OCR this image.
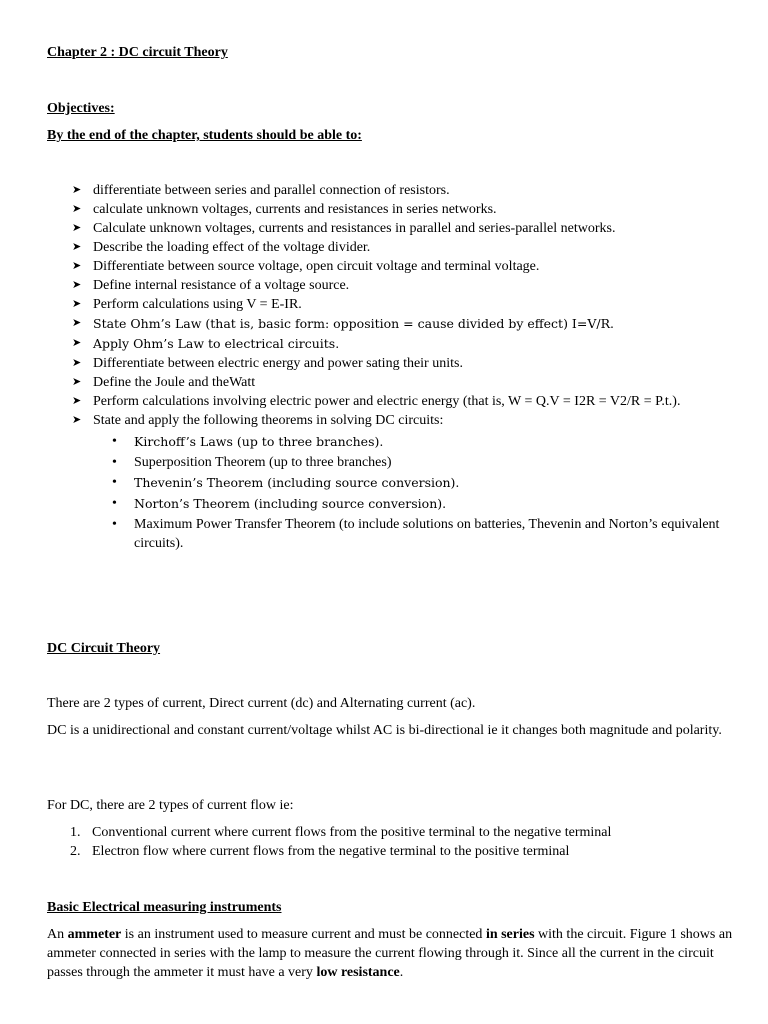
Chapter 2 : DC circuit Theory
Objectives:
By the end of the chapter, students should be able to:
➤ differentiate between series and parallel connection of resistors.
➤ calculate unknown voltages, currents and resistances in series networks.
➤ Calculate unknown voltages, currents and resistances in parallel and series-parallel networks.
➤ Describe the loading effect of the voltage divider.
➤ Differentiate between source voltage, open circuit voltage and terminal voltage.
➤ Define internal resistance of a voltage source.
➤ Perform calculations using V = E-IR.
➤ State Ohm’s Law (that is, basic form: opposition = cause divided by effect) I=V/R.
➤ Apply Ohm’s Law to electrical circuits.
➤ Differentiate between electric energy and power sating their units.
➤ Define the Joule and theWatt
➤ Perform calculations involving electric power and electric energy (that is, W = Q.V = I2R = V2/R = P.t.).
➤ State and apply the following theorems in solving DC circuits:
• Kirchoff’s Laws (up to three branches).
• Superposition Theorem (up to three branches)
• Thevenin’s Theorem (including source conversion).
• Norton’s Theorem (including source conversion).
• Maximum Power Transfer Theorem (to include solutions on batteries, Thevenin and Norton’s equivalent     circuits).
DC Circuit Theory
There are 2 types of current, Direct current (dc) and Alternating current (ac).
DC is a unidirectional and constant current/voltage whilst AC is bi-directional ie it changes both magnitude and polarity.
For DC, there are 2 types of current flow ie:
1. Conventional current where current flows from the positive terminal to the negative terminal
2. Electron flow where current flows from the negative terminal to the positive terminal
Basic Electrical measuring instruments
An ammeter is an instrument used to measure current and must be connected in series with the circuit. Figure 1 shows an ammeter connected in series with the lamp to measure the current flowing through it. Since all the current in the circuit passes through the ammeter it must have a very low resistance.
